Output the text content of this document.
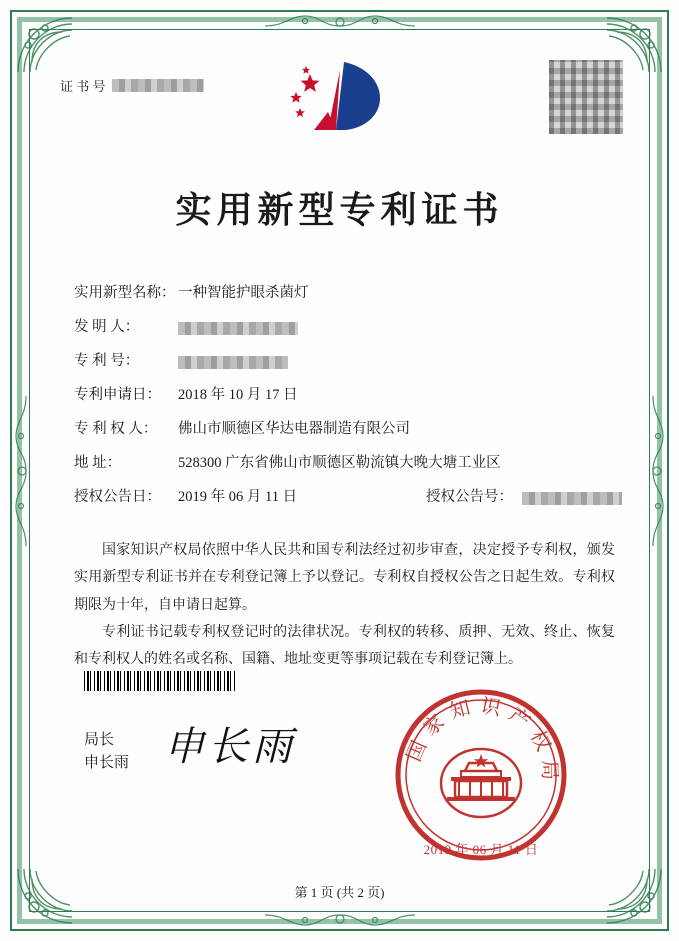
证 书 号
实用新型专利证书
实用新型名称： 一种智能护眼杀菌灯
发 明 人：
专 利 号：
专利申请日：	2018 年 10 月 17 日
专 利 权 人：	佛山市顺德区华达电器制造有限公司
地 址：	528300 广东省佛山市顺德区勒流镇大晚大塘工业区
授权公告日：	2019 年 06 月 11 日	授权公告号：

国家知识产权局依照中华人民共和国专利法经过初步审查，决定授予专利权，颁发实用新型专利证书并在专利登记簿上予以登记。专利权自授权公告之日起生效。专利权期限为十年，自申请日起算。

专利证书记载专利权登记时的法律状况。专利权的转移、质押、无效、终止、恢复和专利权人的姓名或名称、国籍、地址变更等事项记载在专利登记簿上。

局长
申长雨 申长雨	国家知识产权局
2019 年 06 月 11 日
第 1 页 (共 2 页)
